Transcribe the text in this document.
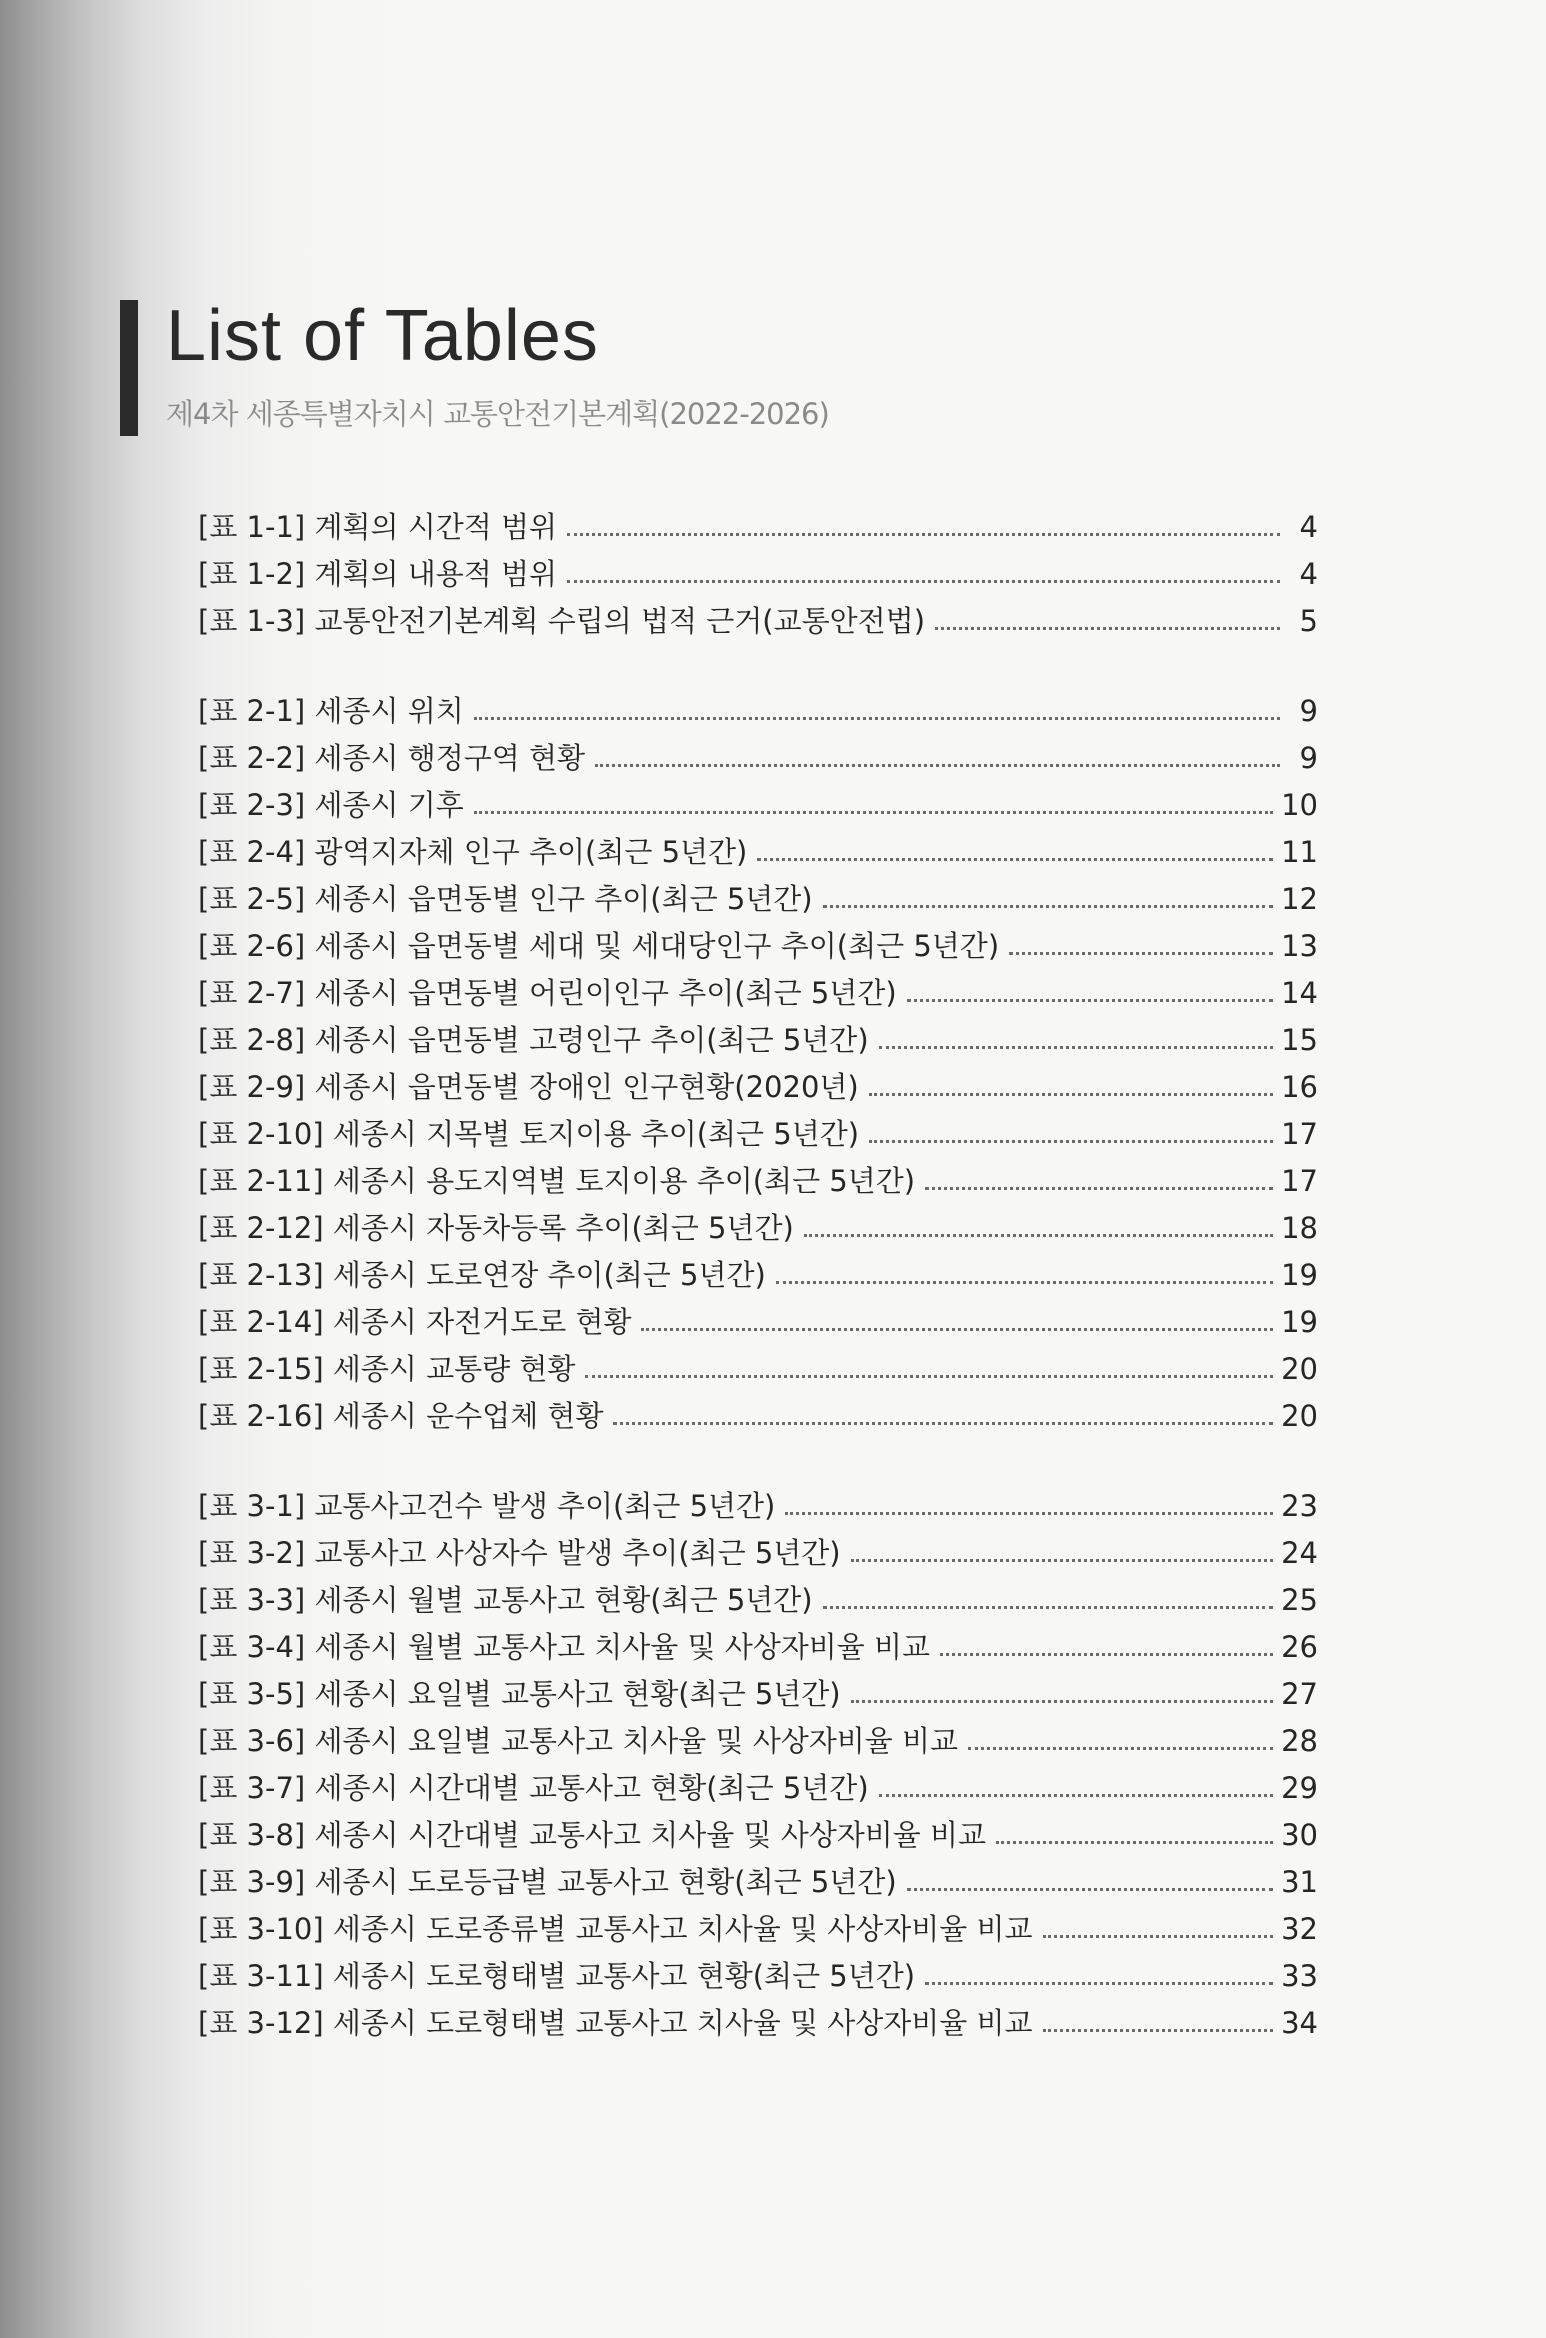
List of Tables
제4차 세종특별자치시 교통안전기본계획(2022-2026)
[표 1-1] 계획의 시간적 범위	4
[표 1-2] 계획의 내용적 범위	4
[표 1-3] 교통안전기본계획 수립의 법적 근거(교통안전법)	5
[표 2-1] 세종시 위치	9
[표 2-2] 세종시 행정구역 현황	9
[표 2-3] 세종시 기후	10
[표 2-4] 광역지자체 인구 추이(최근 5년간)	11
[표 2-5] 세종시 읍면동별 인구 추이(최근 5년간)	12
[표 2-6] 세종시 읍면동별 세대 및 세대당인구 추이(최근 5년간)	13
[표 2-7] 세종시 읍면동별 어린이인구 추이(최근 5년간)	14
[표 2-8] 세종시 읍면동별 고령인구 추이(최근 5년간)	15
[표 2-9] 세종시 읍면동별 장애인 인구현황(2020년)	16
[표 2-10] 세종시 지목별 토지이용 추이(최근 5년간)	17
[표 2-11] 세종시 용도지역별 토지이용 추이(최근 5년간)	17
[표 2-12] 세종시 자동차등록 추이(최근 5년간)	18
[표 2-13] 세종시 도로연장 추이(최근 5년간)	19
[표 2-14] 세종시 자전거도로 현황	19
[표 2-15] 세종시 교통량 현황	20
[표 2-16] 세종시 운수업체 현황	20
[표 3-1] 교통사고건수 발생 추이(최근 5년간)	23
[표 3-2] 교통사고 사상자수 발생 추이(최근 5년간)	24
[표 3-3] 세종시 월별 교통사고 현황(최근 5년간)	25
[표 3-4] 세종시 월별 교통사고 치사율 및 사상자비율 비교	26
[표 3-5] 세종시 요일별 교통사고 현황(최근 5년간)	27
[표 3-6] 세종시 요일별 교통사고 치사율 및 사상자비율 비교	28
[표 3-7] 세종시 시간대별 교통사고 현황(최근 5년간)	29
[표 3-8] 세종시 시간대별 교통사고 치사율 및 사상자비율 비교	30
[표 3-9] 세종시 도로등급별 교통사고 현황(최근 5년간)	31
[표 3-10] 세종시 도로종류별 교통사고 치사율 및 사상자비율 비교	32
[표 3-11] 세종시 도로형태별 교통사고 현황(최근 5년간)	33
[표 3-12] 세종시 도로형태별 교통사고 치사율 및 사상자비율 비교	34
